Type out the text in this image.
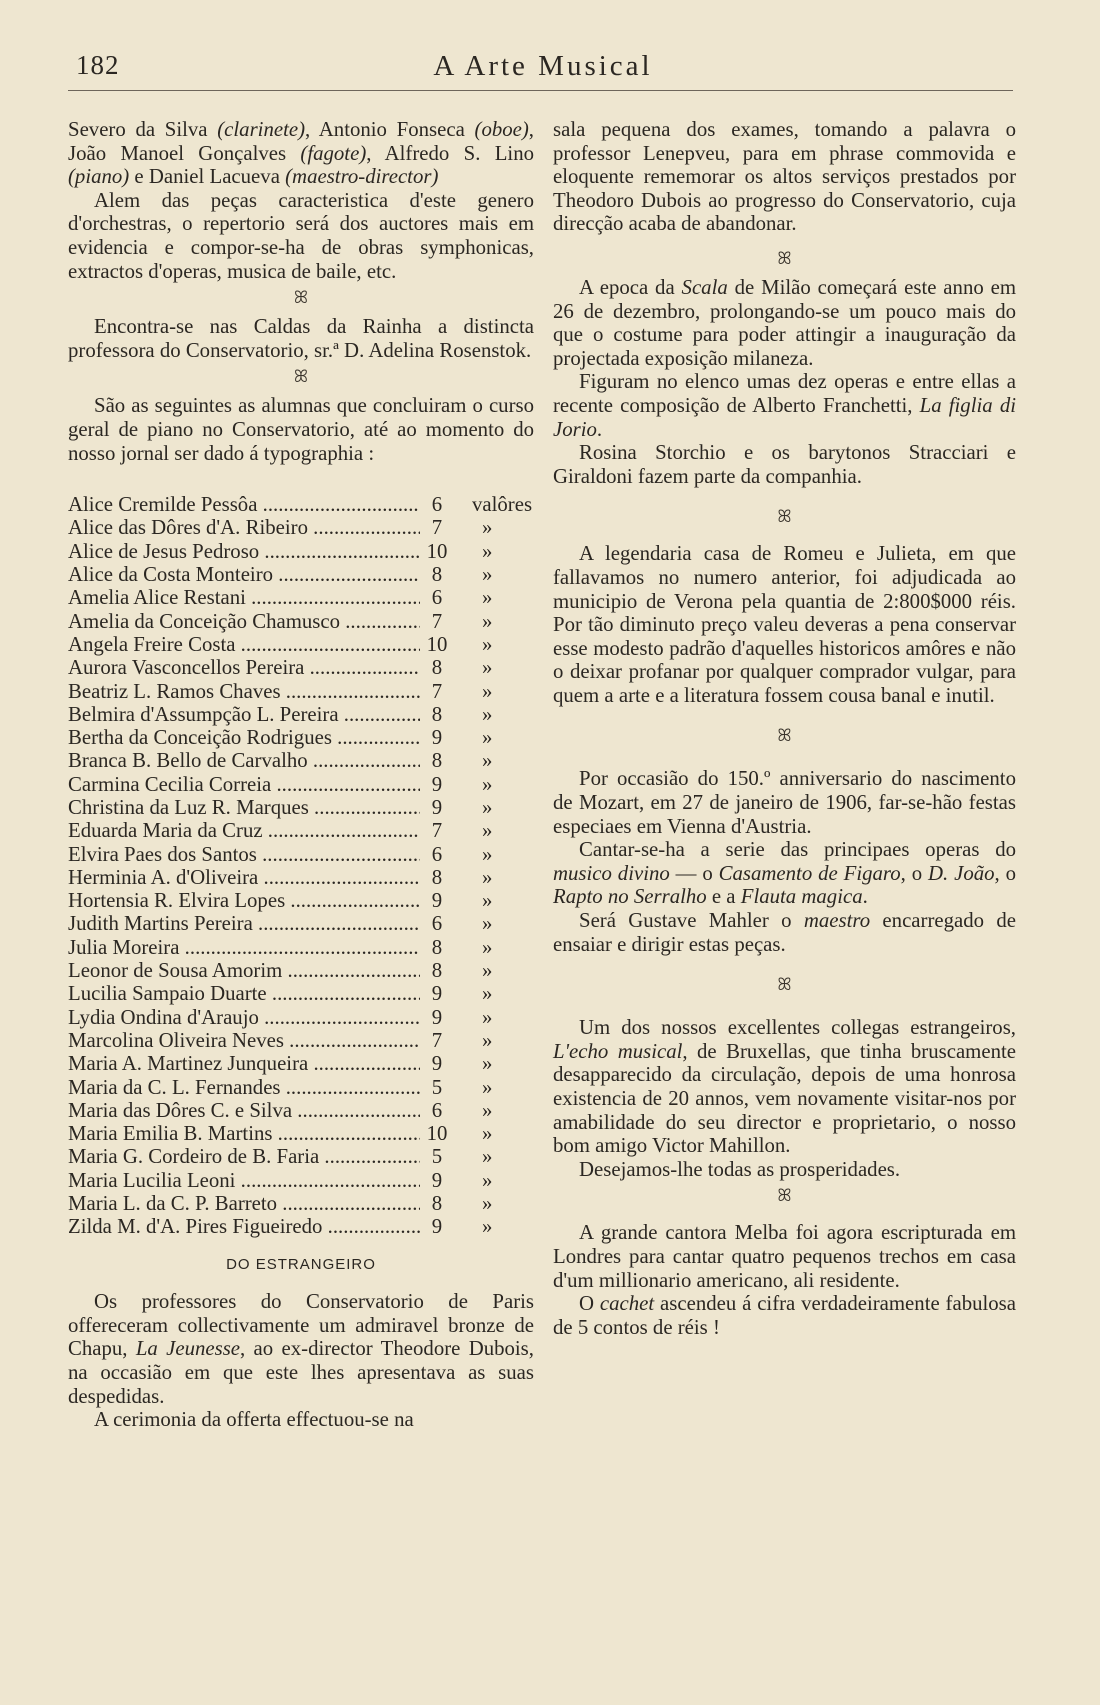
182	A Arte Musical

Severo da Silva (clarinete), Antonio Fonseca (oboe), João Manoel Gonçalves (fagote), Alfredo S. Lino (piano) e Daniel Lacueva (maestro-director)

Alem das peças caracteristica d'este genero d'orchestras, o repertorio será dos auctores mais em evidencia e compor-se-ha de obras symphonicas, extractos d'operas, musica de baile, etc.

ꕤ

Encontra-se nas Caldas da Rainha a distincta professora do Conservatorio, sr.ª D. Adelina Rosenstok.

ꕤ

São as seguintes as alumnas que concluiram o curso geral de piano no Conservatorio, até ao momento do nosso jornal ser dado á typographia :

Alice Cremilde Pessôa .....	6	valôres
Alice das Dôres d'A. Ribeiro .....	7	»
Alice de Jesus Pedroso .....	10	»
Alice da Costa Monteiro .....	8	»
Amelia Alice Restani .....	6	»
Amelia da Conceição Chamusco .....	7	»
Angela Freire Costa .....	10	»
Aurora Vasconcellos Pereira .....	8	»
Beatriz L. Ramos Chaves .....	7	»
Belmira d'Assumpção L. Pereira .....	8	»
Bertha da Conceição Rodrigues .....	9	»
Branca B. Bello de Carvalho .....	8	»
Carmina Cecilia Correia .....	9	»
Christina da Luz R. Marques .....	9	»
Eduarda Maria da Cruz .....	7	»
Elvira Paes dos Santos .....	6	»
Herminia A. d'Oliveira .....	8	»
Hortensia R. Elvira Lopes .....	9	»
Judith Martins Pereira .....	6	»
Julia Moreira .....	8	»
Leonor de Sousa Amorim .....	8	»
Lucilia Sampaio Duarte .....	9	»
Lydia Ondina d'Araujo .....	9	»
Marcolina Oliveira Neves .....	7	»
Maria A. Martinez Junqueira .....	9	»
Maria da C. L. Fernandes .....	5	»
Maria das Dôres C. e Silva .....	6	»
Maria Emilia B. Martins .....	10	»
Maria G. Cordeiro de B. Faria .....	5	»
Maria Lucilia Leoni .....	9	»
Maria L. da C. P. Barreto .....	8	»
Zilda M. d'A. Pires Figueiredo .....	9	»
DO ESTRANGEIRO

Os professores do Conservatorio de Paris offereceram collectivamente um admiravel bronze de Chapu, La Jeunesse, ao ex-director Theodore Dubois, na occasião em que este lhes apresentava as suas despedidas.

A cerimonia da offerta effectuou-se na

sala pequena dos exames, tomando a palavra o professor Lenepveu, para em phrase commovida e eloquente rememorar os altos serviços prestados por Theodoro Dubois ao progresso do Conservatorio, cuja direcção acaba de abandonar.

ꕤ

A epoca da Scala de Milão começará este anno em 26 de dezembro, prolongando-se um pouco mais do que o costume para poder attingir a inauguração da projectada exposição milaneza.

Figuram no elenco umas dez operas e entre ellas a recente composição de Alberto Franchetti, La figlia di Jorio.

Rosina Storchio e os barytonos Stracciari e Giraldoni fazem parte da companhia.

ꕤ

A legendaria casa de Romeu e Julieta, em que fallavamos no numero anterior, foi adjudicada ao municipio de Verona pela quantia de 2:800$000 réis. Por tão diminuto preço valeu deveras a pena conservar esse modesto padrão d'aquelles historicos amôres e não o deixar profanar por qualquer comprador vulgar, para quem a arte e a literatura fossem cousa banal e inutil.

ꕤ

Por occasião do 150.º anniversario do nascimento de Mozart, em 27 de janeiro de 1906, far-se-hão festas especiaes em Vienna d'Austria.

Cantar-se-ha a serie das principaes operas do musico divino — o Casamento de Figaro, o D. João, o Rapto no Serralho e a Flauta magica.

Será Gustave Mahler o maestro encarregado de ensaiar e dirigir estas peças.

ꕤ

Um dos nossos excellentes collegas estrangeiros, L'echo musical, de Bruxellas, que tinha bruscamente desapparecido da circulação, depois de uma honrosa existencia de 20 annos, vem novamente visitar-nos por amabilidade do seu director e proprietario, o nosso bom amigo Victor Mahillon.

Desejamos-lhe todas as prosperidades.

ꕤ

A grande cantora Melba foi agora escripturada em Londres para cantar quatro pequenos trechos em casa d'um millionario americano, ali residente.

O cachet ascendeu á cifra verdadeiramente fabulosa de 5 contos de réis !
